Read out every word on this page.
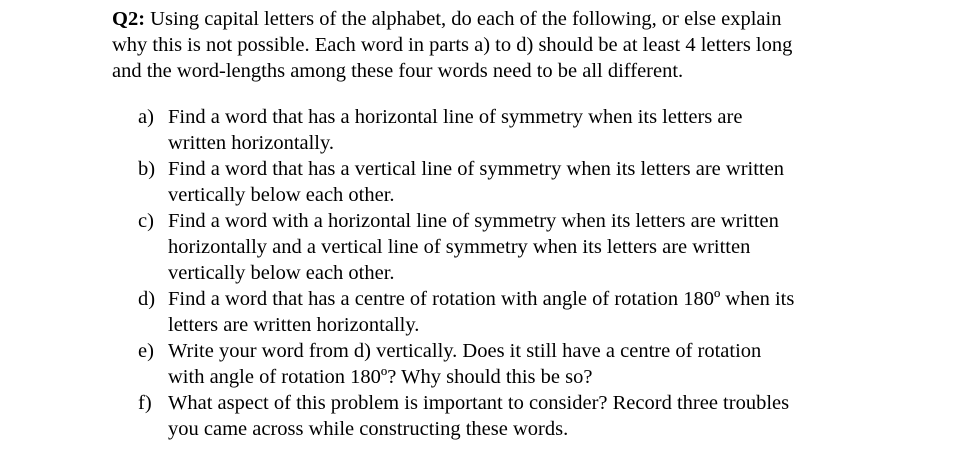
Q2: Using capital letters of the alphabet, do each of the following, or else explain
why this is not possible. Each word in parts a) to d) should be at least 4 letters long
and the word-lengths among these four words need to be all different.

a) Find a word that has a horizontal line of symmetry when its letters are
written horizontally.
b) Find a word that has a vertical line of symmetry when its letters are written
vertically below each other.
c) Find a word with a horizontal line of symmetry when its letters are written
horizontally and a vertical line of symmetry when its letters are written
vertically below each other.
d) Find a word that has a centre of rotation with angle of rotation 180º when its
letters are written horizontally.
e) Write your word from d) vertically. Does it still have a centre of rotation
with angle of rotation 180º? Why should this be so?
f) What aspect of this problem is important to consider? Record three troubles
you came across while constructing these words.
